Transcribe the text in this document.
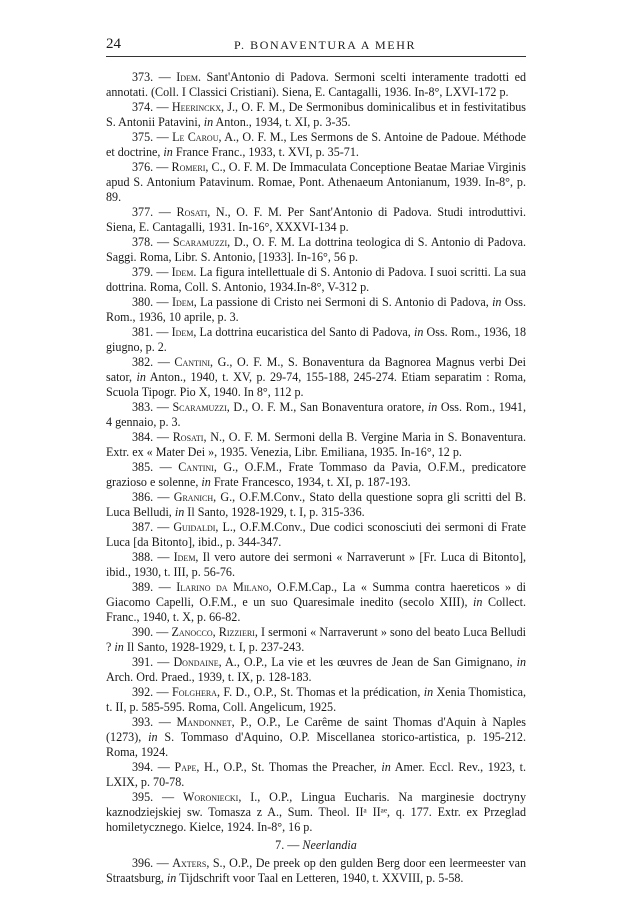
24	P. BONAVENTURA A MEHR

373. — Idem. Sant'Antonio di Padova. Sermoni scelti interamente tradotti ed annotati. (Coll. I Classici Cristiani). Siena, E. Cantagalli, 1936. In-8°, LXVI-172 p.

374. — Heerinckx, J., O. F. M., De Sermonibus dominicalibus et in festivitatibus S. Antonii Patavini, in Anton., 1934, t. XI, p. 3-35.

375. — Le Carou, A., O. F. M., Les Sermons de S. Antoine de Padoue. Méthode et doctrine, in France Franc., 1933, t. XVI, p. 35-71.

376. — Romeri, C., O. F. M. De Immaculata Conceptione Beatae Mariae Virginis apud S. Antonium Patavinum. Romae, Pont. Athenaeum Antonianum, 1939. In-8°, p. 89.

377. — Rosati, N., O. F. M. Per Sant'Antonio di Padova. Studi introduttivi. Siena, E. Cantagalli, 1931. In-16°, XXXVI-134 p.

378. — Scaramuzzi, D., O. F. M. La dottrina teologica di S. Antonio di Padova. Saggi. Roma, Libr. S. Antonio, [1933]. In-16°, 56 p.

379. — Idem. La figura intellettuale di S. Antonio di Padova. I suoi scritti. La sua dottrina. Roma, Coll. S. Antonio, 1934.In-8°, V-312 p.

380. — Idem, La passione di Cristo nei Sermoni di S. Antonio di Padova, in Oss. Rom., 1936, 10 aprile, p. 3.

381. — Idem, La dottrina eucaristica del Santo di Padova, in Oss. Rom., 1936, 18 giugno, p. 2.

382. — Cantini, G., O. F. M., S. Bonaventura da Bagnorea Magnus verbi Dei sator, in Anton., 1940, t. XV, p. 29-74, 155-188, 245-274. Etiam separatim : Roma, Scuola Tipogr. Pio X, 1940. In 8°, 112 p.

383. — Scaramuzzi, D., O. F. M., San Bonaventura oratore, in Oss. Rom., 1941, 4 gennaio, p. 3.

384. — Rosati, N., O. F. M. Sermoni della B. Vergine Maria in S. Bonaventura. Extr. ex « Mater Dei », 1935. Venezia, Libr. Emiliana, 1935. In-16°, 12 p.

385. — Cantini, G., O.F.M., Frate Tommaso da Pavia, O.F.M., predicatore grazioso e solenne, in Frate Francesco, 1934, t. XI, p. 187-193.

386. — Granich, G., O.F.M.Conv., Stato della questione sopra gli scritti del B. Luca Belludi, in Il Santo, 1928-1929, t. I, p. 315-336.

387. — Guidaldi, L., O.F.M.Conv., Due codici sconosciuti dei sermoni di Frate Luca [da Bitonto], ibid., p. 344-347.

388. — Idem, Il vero autore dei sermoni « Narraverunt » [Fr. Luca di Bitonto], ibid., 1930, t. III, p. 56-76.

389. — Ilarino da Milano, O.F.M.Cap., La « Summa contra haereticos » di Giacomo Capelli, O.F.M., e un suo Quaresimale inedito (secolo XIII), in Collect. Franc., 1940, t. X, p. 66-82.

390. — Zanocco, Rizzieri, I sermoni « Narraverunt » sono del beato Luca Belludi ? in Il Santo, 1928-1929, t. I, p. 237-243.

391. — Dondaine, A., O.P., La vie et les œuvres de Jean de San Gimignano, in Arch. Ord. Praed., 1939, t. IX, p. 128-183.

392. — Folghera, F. D., O.P., St. Thomas et la prédication, in Xenia Thomistica, t. II, p. 585-595. Roma, Coll. Angelicum, 1925.

393. — Mandonnet, P., O.P., Le Carême de saint Thomas d'Aquin à Naples (1273), in S. Tommaso d'Aquino, O.P. Miscellanea storico-artistica, p. 195-212. Roma, 1924.

394. — Pape, H., O.P., St. Thomas the Preacher, in Amer. Eccl. Rev., 1923, t. LXIX, p. 70-78.

395. — Woroniecki, I., O.P., Lingua Eucharis. Na marginesie doctryny kaznodziejskiej sw. Tomasza z A., Sum. Theol. IIᵃ IIᵃᵉ, q. 177. Extr. ex Przeglad homiletycznego. Kielce, 1924. In-8°, 16 p.

7. — Neerlandia

396. — Axters, S., O.P., De preek op den gulden Berg door een leermeester van Straatsburg, in Tijdschrift voor Taal en Letteren, 1940, t. XXVIII, p. 5-58.
